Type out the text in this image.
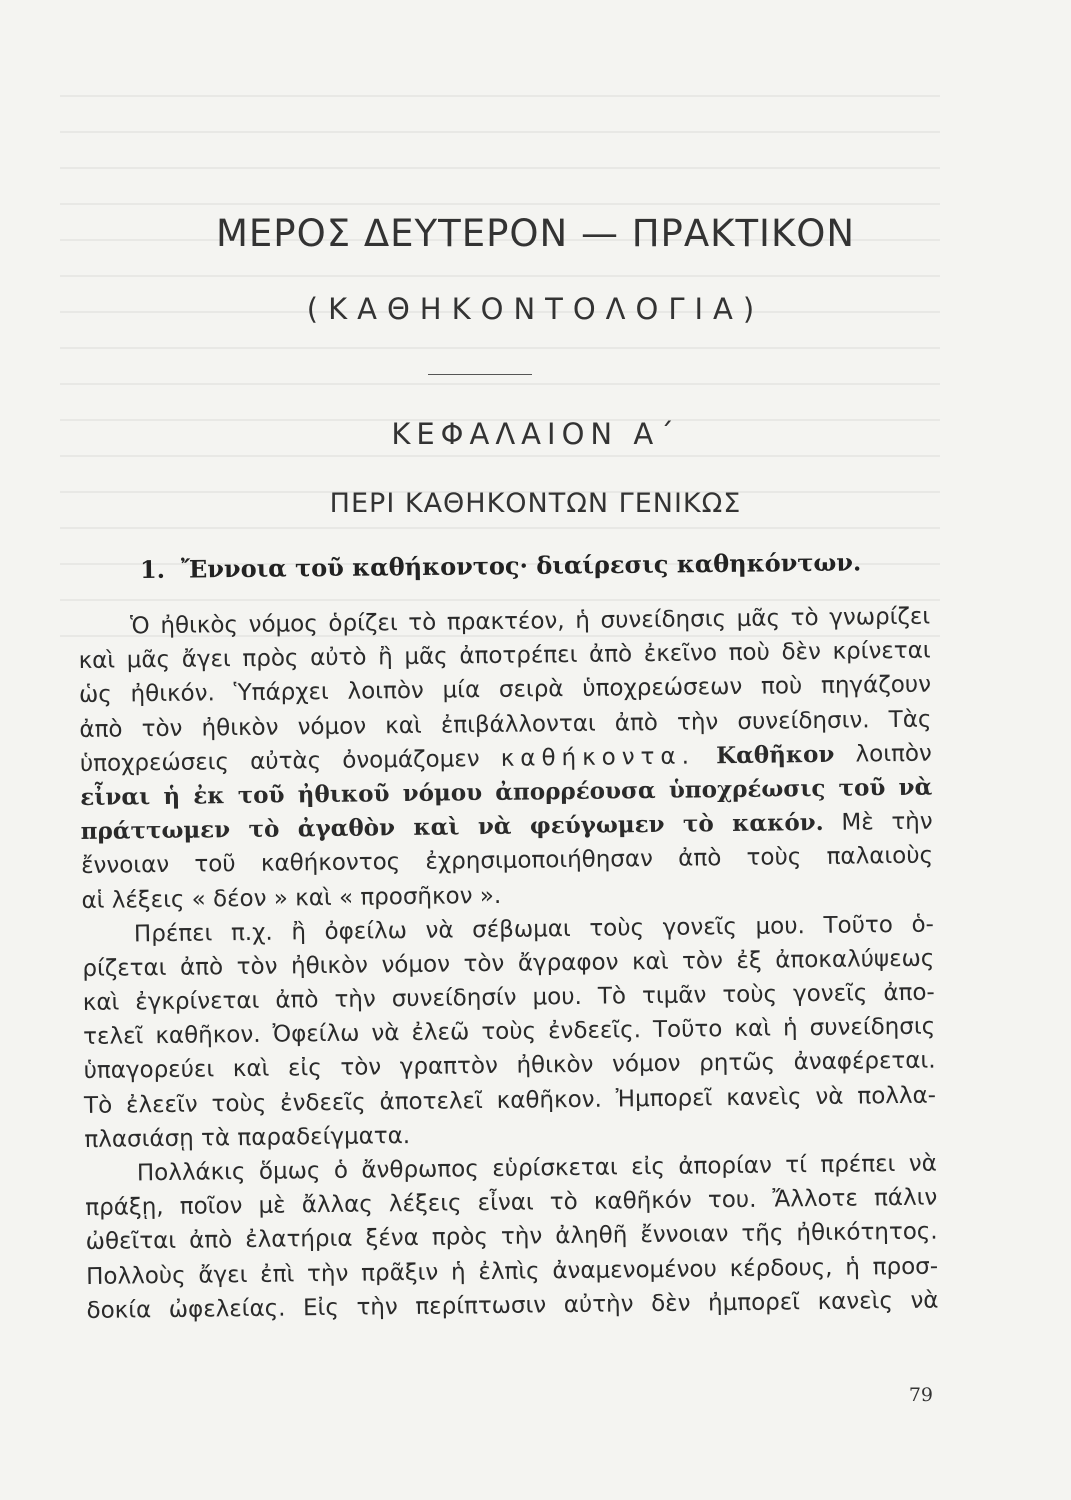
ΜΕΡΟΣ ΔΕΥΤΕΡΟΝ — ΠΡΑΚΤΙΚΟΝ
(ΚΑΘΗΚΟΝΤΟΛΟΓΙΑ)
ΚΕΦΑΛΑΙΟΝ Α΄
ΠΕΡΙ ΚΑΘΗΚΟΝΤΩΝ ΓΕΝΙΚΩΣ
1. Ἔννοια τοῦ καθήκοντος· διαίρεσις καθηκόντων.
Ὁ ἠθικὸς νόμος ὁρίζει τὸ πρακτέον, ἡ συνείδησις μᾶς τὸ γνωρίζει
καὶ μᾶς ἄγει πρὸς αὐτὸ ἢ μᾶς ἀποτρέπει ἀπὸ ἐκεῖνο ποὺ δὲν κρίνεται
ὡς ἠθικόν. Ὑπάρχει λοιπὸν μία σειρὰ ὑποχρεώσεων ποὺ πηγάζουν
ἀπὸ τὸν ἠθικὸν νόμον καὶ ἐπιβάλλονται ἀπὸ τὴν συνείδησιν. Τὰς
ὑποχρεώσεις αὐτὰς ὀνομάζομεν καθήκοντα. Καθῆκον λοιπὸν
εἶναι ἡ ἐκ τοῦ ἠθικοῦ νόμου ἀπορρέουσα ὑποχρέωσις τοῦ νὰ
πράττωμεν τὸ ἀγαθὸν καὶ νὰ φεύγωμεν τὸ κακόν. Μὲ τὴν
ἔννοιαν τοῦ καθήκοντος ἐχρησιμοποιήθησαν ἀπὸ τοὺς παλαιοὺς
αἱ λέξεις « δέον » καὶ « προσῆκον ».
Πρέπει π.χ. ἢ ὀφείλω νὰ σέβωμαι τοὺς γονεῖς μου. Τοῦτο ὁ-
ρίζεται ἀπὸ τὸν ἠθικὸν νόμον τὸν ἄγραφον καὶ τὸν ἐξ ἀποκαλύψεως
καὶ ἐγκρίνεται ἀπὸ τὴν συνείδησίν μου. Τὸ τιμᾶν τοὺς γονεῖς ἀπο-
τελεῖ καθῆκον. Ὀφείλω νὰ ἐλεῶ τοὺς ἐνδεεῖς. Τοῦτο καὶ ἡ συνείδησις
ὑπαγορεύει καὶ εἰς τὸν γραπτὸν ἠθικὸν νόμον ρητῶς ἀναφέρεται.
Τὸ ἐλεεῖν τοὺς ἐνδεεῖς ἀποτελεῖ καθῆκον. Ἠμπορεῖ κανεὶς νὰ πολλα-
πλασιάσῃ τὰ παραδείγματα.
Πολλάκις ὅμως ὁ ἄνθρωπος εὑρίσκεται εἰς ἀπορίαν τί πρέπει νὰ
πράξῃ, ποῖον μὲ ἄλλας λέξεις εἶναι τὸ καθῆκόν του. Ἄλλοτε πάλιν
ὠθεῖται ἀπὸ ἐλατήρια ξένα πρὸς τὴν ἀληθῆ ἔννοιαν τῆς ἠθικότητος.
Πολλοὺς ἄγει ἐπὶ τὴν πρᾶξιν ἡ ἐλπὶς ἀναμενομένου κέρδους, ἡ προσ-
δοκία ὠφελείας. Εἰς τὴν περίπτωσιν αὐτὴν δὲν ἠμπορεῖ κανεὶς νὰ
79
